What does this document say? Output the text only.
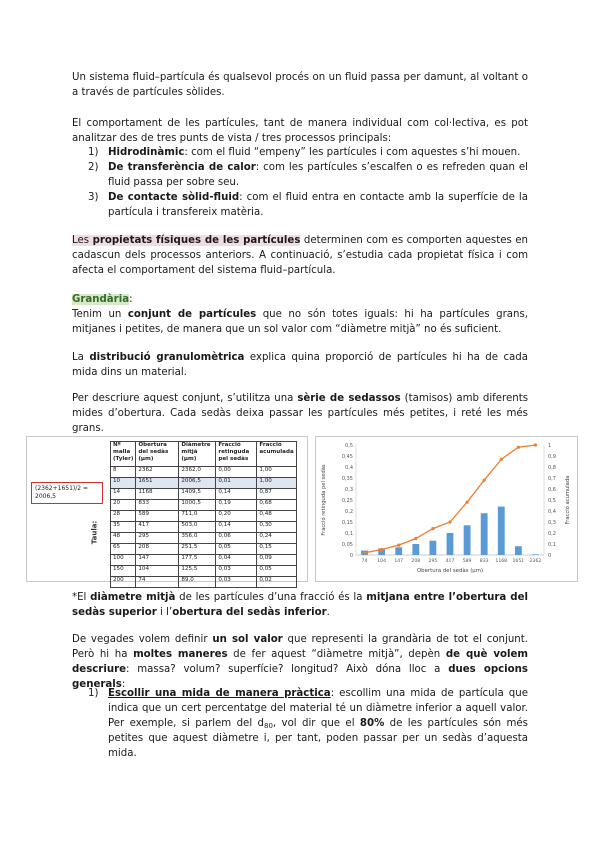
Un sistema fluid–partícula és qualsevol procés on un fluid passa per damunt, al voltant o a través de partícules sòlides.

El comportament de les partícules, tant de manera individual com col·lectiva, es pot analitzar des de tres punts de vista / tres processos principals:

1) Hidrodinàmic: com el fluid “empeny” les partícules i com aquestes s’hi mouen.
2) De transferència de calor: com les partícules s’escalfen o es refreden quan el fluid passa per sobre seu.
3) De contacte sòlid-fluid: com el fluid entra en contacte amb la superfície de la partícula i transfereix matèria.

Les propietats físiques de les partícules determinen com es comporten aquestes en cadascun dels processos anteriors. A continuació, s’estudia cada propietat física i com afecta el comportament del sistema fluid–partícula.

Grandària:
Tenim un conjunt de partícules que no són totes iguals: hi ha partícules grans, mitjanes i petites, de manera que un sol valor com “diàmetre mitjà” no és suficient.

La distribució granulomètrica explica quina proporció de partícules hi ha de cada mida dins un material.

Per descriure aquest conjunt, s’utilitza una sèrie de sedassos (tamisos) amb diferents mides d’obertura. Cada sedàs deixa passar les partícules més petites, i reté les més grans.

(2362+1651)/2 = 2006,5
Taula:
Nº malla (Tyler)	Obertura del sedàs (µm)	Diàmetre mitjà (µm)	Fracció retinguda pel sedàs	Fracció acumulada
8	2362	2362,0	0,00	1,00
10	1651	2006,5	0,01	1,00
14	1168	1409,5	0,14	0,87
20	833	1000,5	0,19	0,68
28	589	711,0	0,20	0,48
35	417	503,0	0,14	0,30
48	295	356,0	0,06	0,24
65	208	251,5	0,05	0,15
100	147	177,5	0,04	0,09
150	104	125,5	0,03	0,05
200	74	89,0	0,03	0,02
0
0,05
0,1
0,15
0,2
0,25
0,3
0,35
0,4
0,45
0,5
0
0,1
0,2
0,3
0,4
0,5
0,6
0,7
0,8
0,9
1
74 104 147 208 295 417 589 833 1168 1651 2362
Obertura del sedàs (µm)
Fracció retinguda pel sedàs	Fracció acumulada

*El diàmetre mitjà de les partícules d’una fracció és la mitjana entre l’obertura del sedàs superior i l’obertura del sedàs inferior.

De vegades volem definir un sol valor que representi la grandària de tot el conjunt. Però hi ha moltes maneres de fer aquest “diàmetre mitjà”, depèn de què volem descriure: massa? volum? superfície? longitud? Això dóna lloc a dues opcions generals:

1) Escollir una mida de manera pràctica: escollim una mida de partícula que indica que un cert percentatge del material té un diàmetre inferior a aquell valor. Per exemple, si parlem del $d_{80}$, vol dir que el 80% de les partícules són més petites que aquest diàmetre i, per tant, poden passar per un sedàs d’aquesta mida.
